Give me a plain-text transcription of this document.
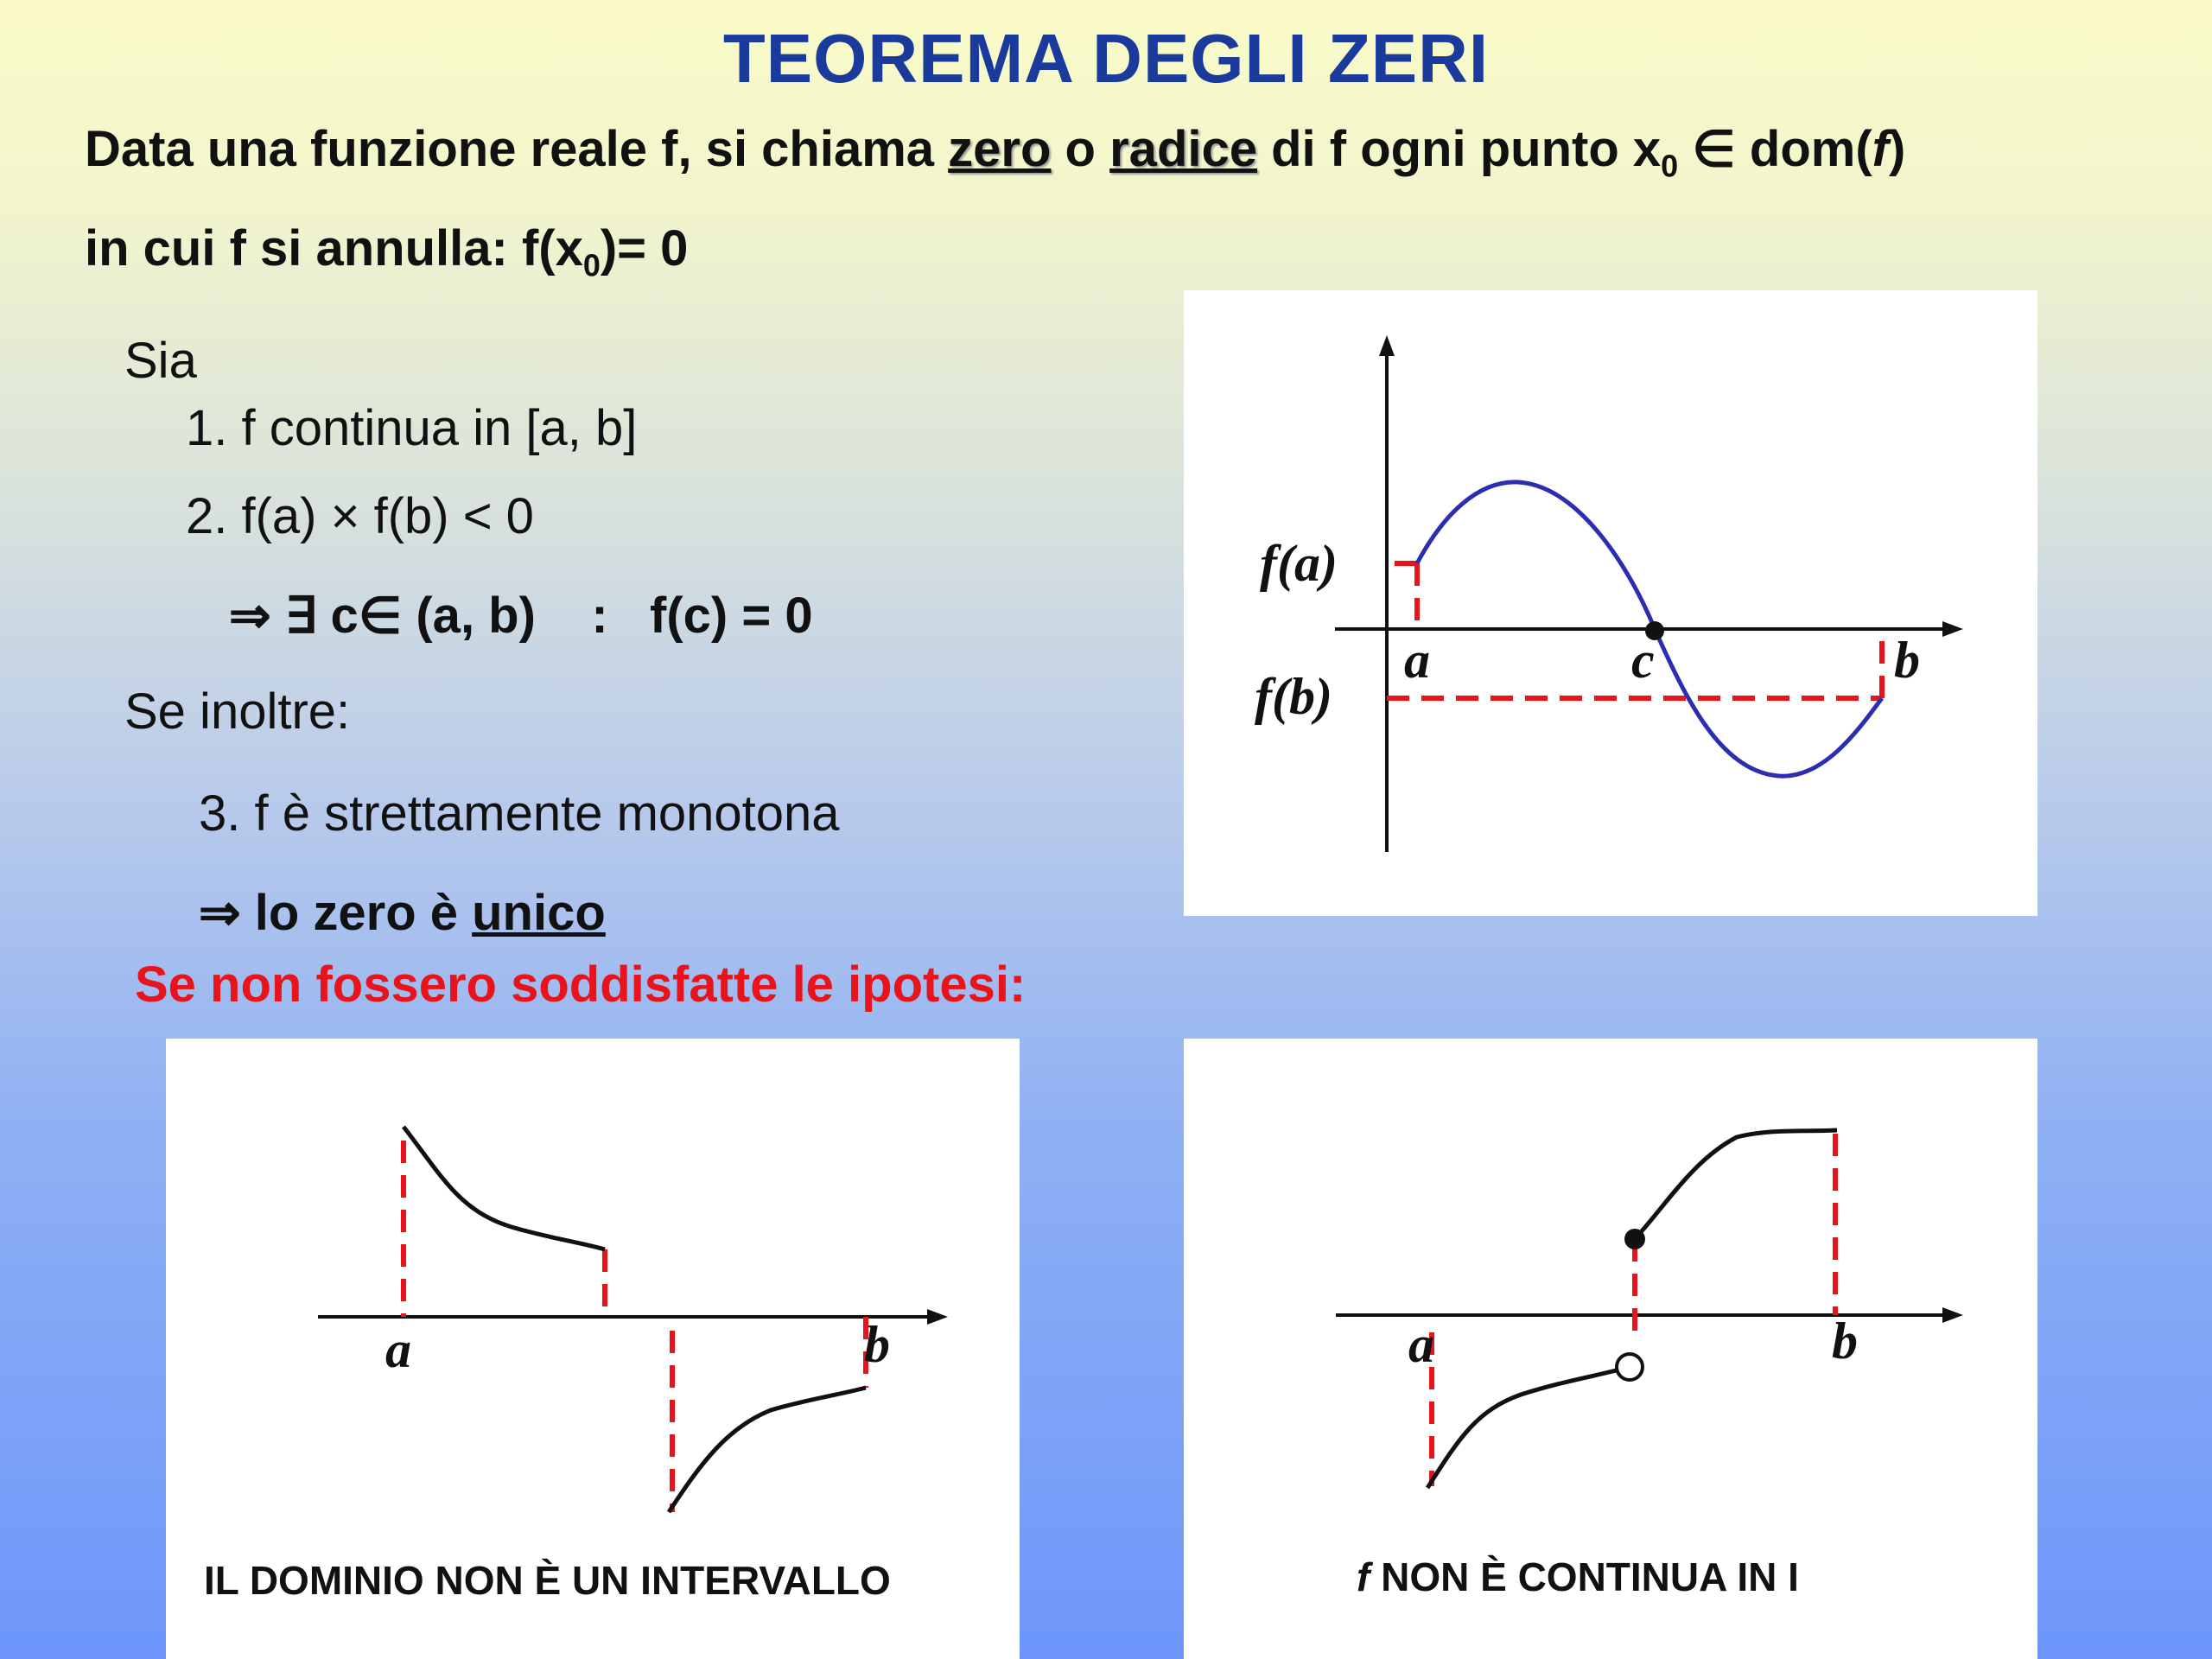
TEOREMA DEGLI ZERI
Data una funzione reale f, si chiama zero o radice di f ogni punto $x_0$ ∈ dom(f)
in cui f si annulla: $f(x_0)= 0$
Sia
1. f continua in [a, b]
2. f(a) × f(b) < 0
⇒ ∃ c∈ (a, b)    :   f(c) = 0
Se inoltre:
3. f è strettamente monotona
⇒ lo zero è unico
Se non fossero soddisfatte le ipotesi:
f(a)
f(b)
a	c	b
a	b
IL DOMINIO NON È UN INTERVALLO
a	b
f NON È CONTINUA IN I
